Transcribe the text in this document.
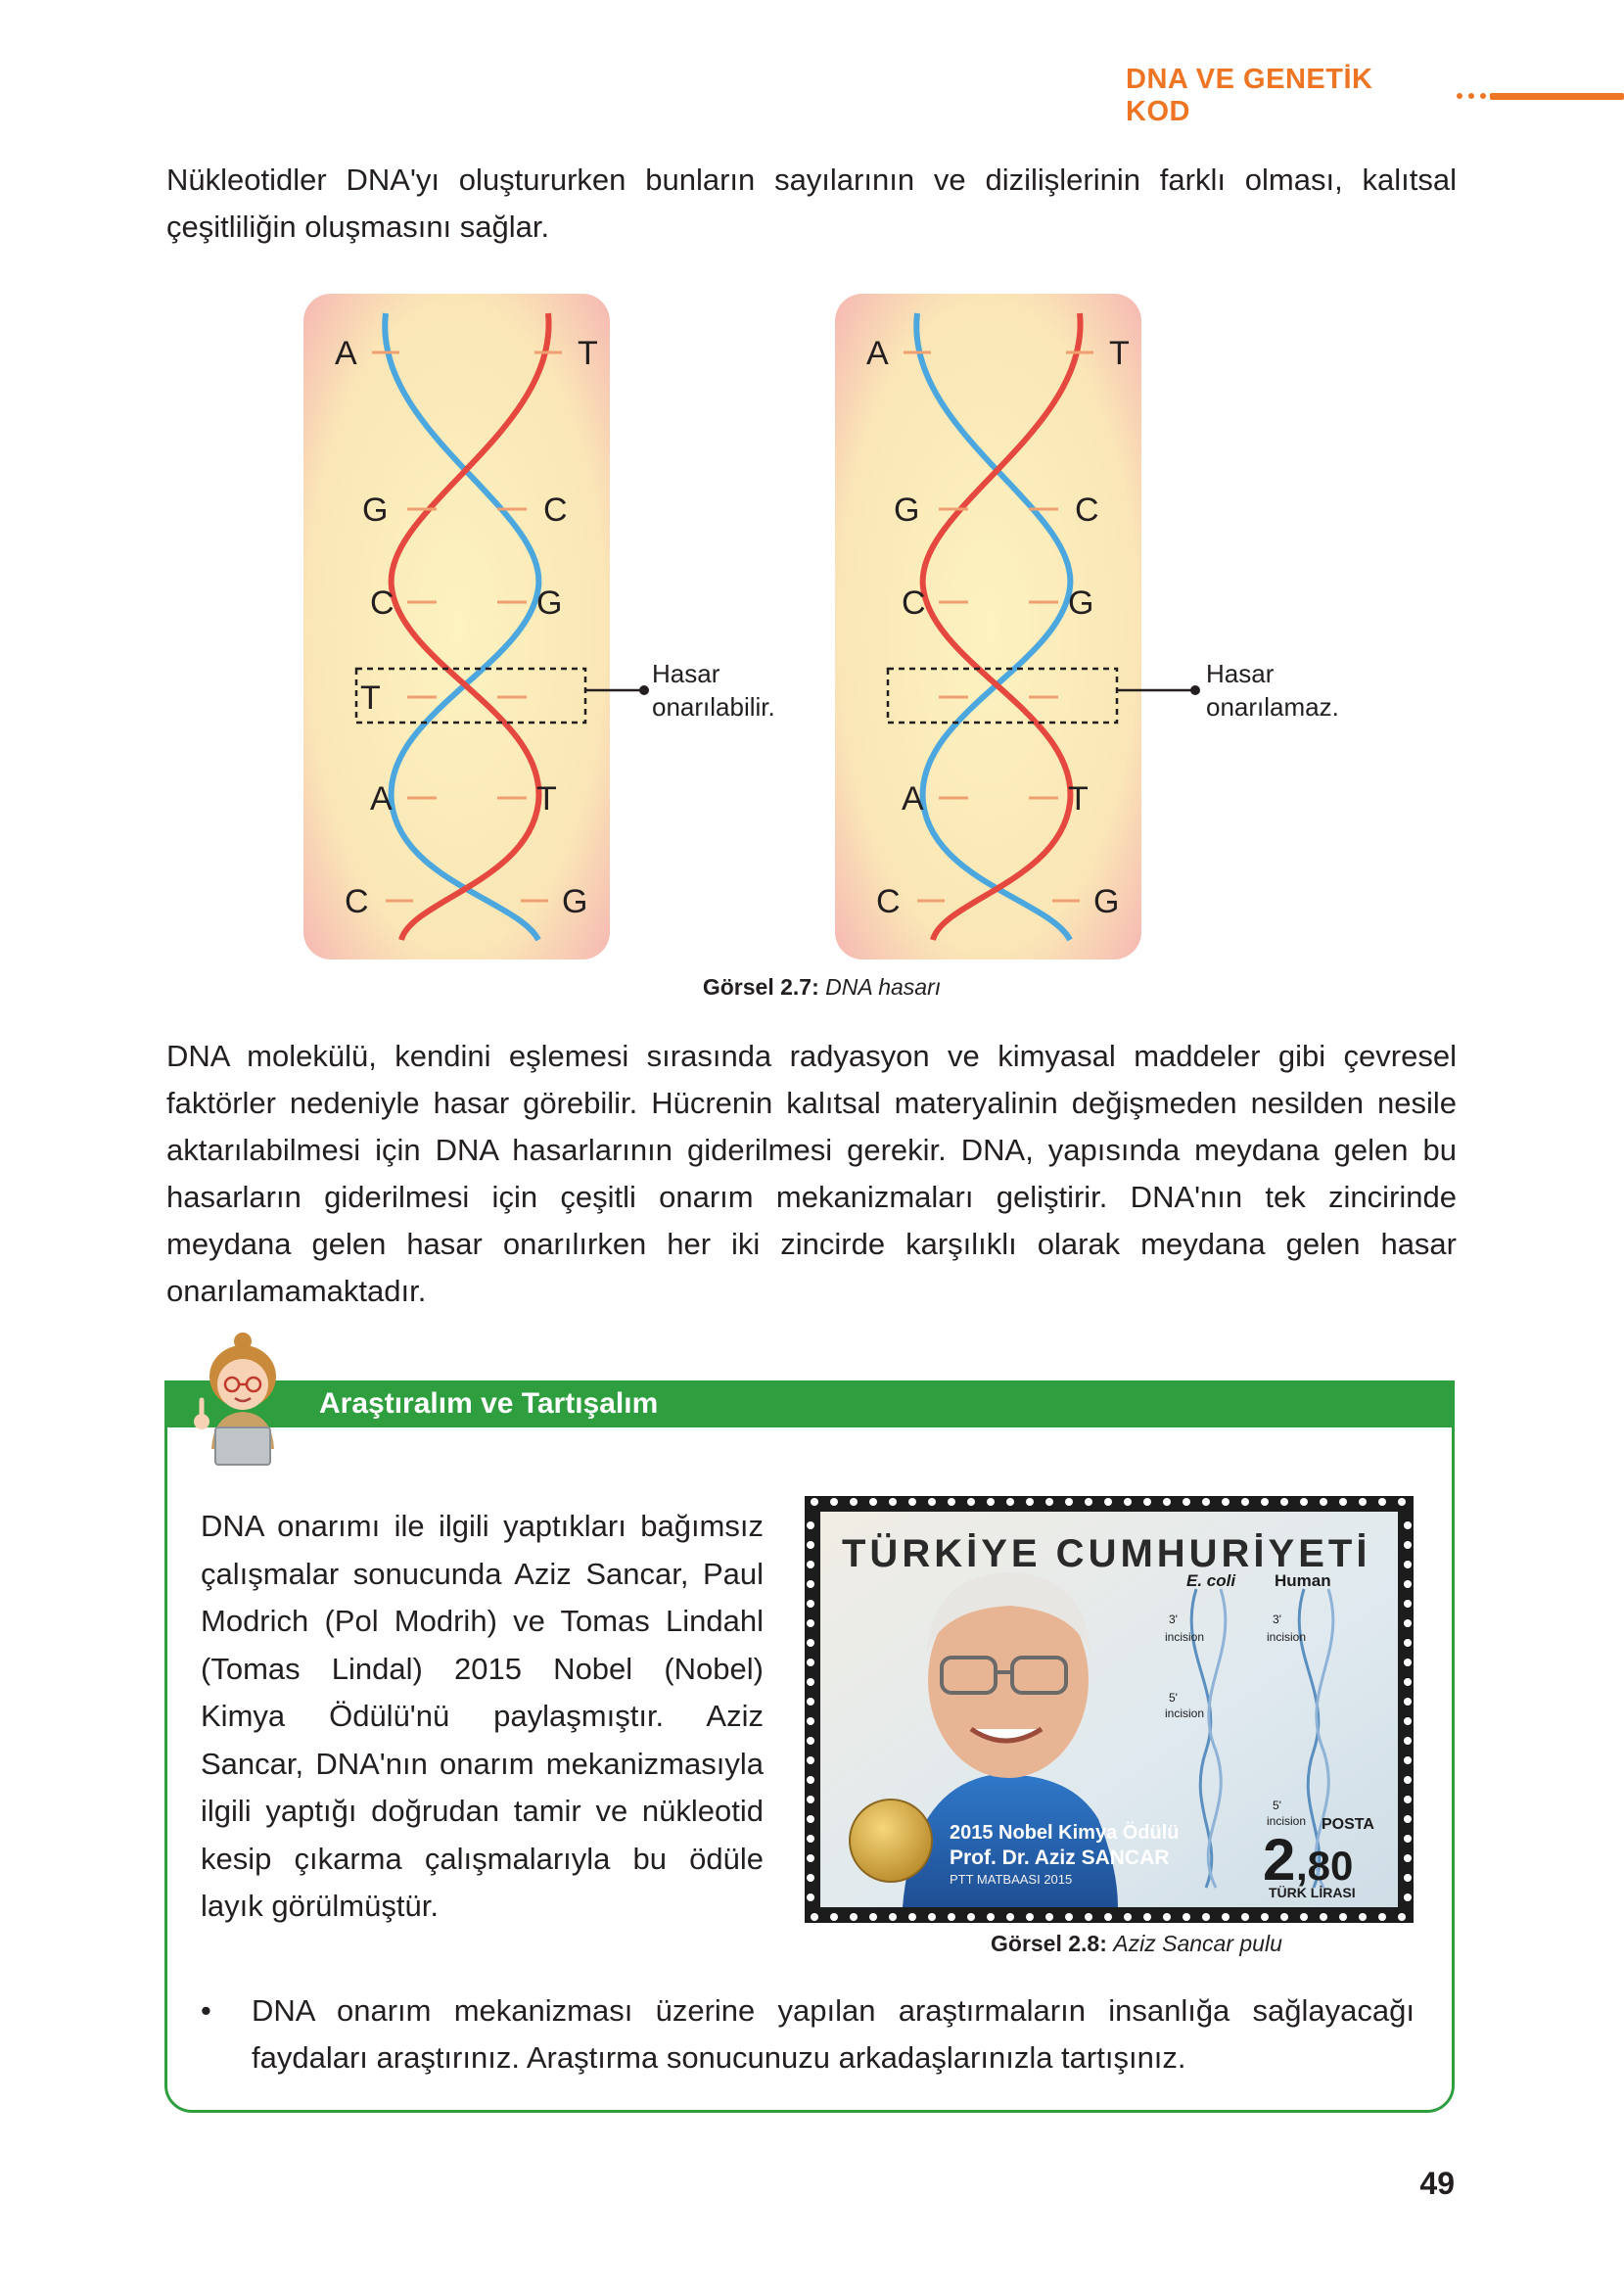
DNA VE GENETİK KOD

Nükleotidler DNA'yı oluştururken bunların sayılarının ve dizilişlerinin farklı olması, kalıtsal çeşitliliğin oluşmasını sağlar.

A
G
C
T
A
C
T
C
G
T
G
Hasar
onarılabilir.
A
G
C
A
C
T
C
G
T
G
Hasar
onarılamaz.
Görsel 2.7: DNA hasarı

DNA molekülü, kendini eşlemesi sırasında radyasyon ve kimyasal maddeler gibi çevresel faktörler nedeniyle hasar görebilir. Hücrenin kalıtsal materyalinin değişmeden nesilden nesile aktarılabilmesi için DNA hasarlarının giderilmesi gerekir. DNA, yapısında meydana gelen bu hasarların giderilmesi için çeşitli onarım mekanizmaları geliştirir. DNA'nın tek zincirinde meydana gelen hasar onarılırken her iki zincirde karşılıklı olarak meydana gelen hasar onarılamamaktadır.

Araştıralım ve Tartışalım

DNA onarımı ile ilgili yaptıkları bağımsız çalışmalar sonucunda Aziz Sancar, Paul Modrich (Pol Modrih) ve Tomas Lindahl (Tomas Lindal) 2015 Nobel (Nobel) Kimya Ödülü'nü paylaşmıştır. Aziz Sancar, DNA'nın onarım mekanizmasıyla ilgili yaptığı doğrudan tamir ve nükleotid kesip çıkarma çalışmalarıyla bu ödüle layık görülmüştür.

3'
incision
3'
incision
5'
incision
5'
incision
TÜRKİYE CUMHURİYETİ
E. coli Human
2015 Nobel Kimya Ödülü
Prof. Dr. Aziz SANCAR
PTT MATBAASI 2015
POSTA
2 ,80
TÜRK LİRASI
Görsel 2.8: Aziz Sancar pulu
•	DNA onarım mekanizması üzerine yapılan araştırmaların insanlığa sağlayacağı faydaları araştırınız. Araştırma sonucunuzu arkadaşlarınızla tartışınız.
49
